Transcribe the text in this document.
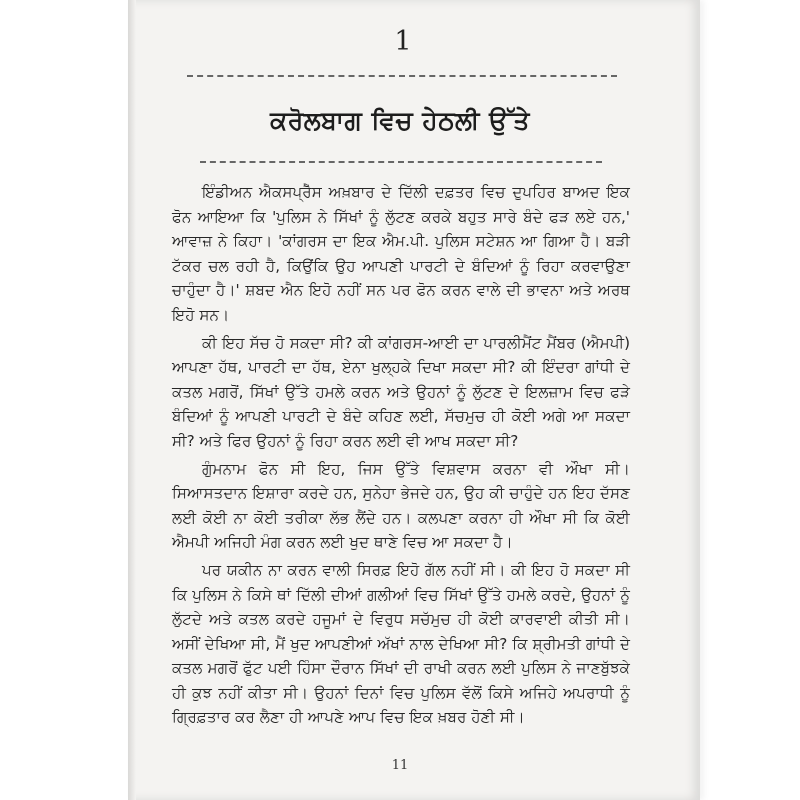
1
ਕਰੋਲਬਾਗ ਵਿਚ ਹੇਠਲੀ ਉੱਤੇ

ਇੰਡੀਅਨ ਐਕਸਪ੍ਰੈੱਸ ਅਖ਼ਬਾਰ ਦੇ ਦਿੱਲੀ ਦਫ਼ਤਰ ਵਿਚ ਦੁਪਹਿਰ ਬਾਅਦ ਇਕ ਫੋਨ ਆਇਆ ਕਿ 'ਪੁਲਿਸ ਨੇ ਸਿੱਖਾਂ ਨੂੰ ਲੁੱਟਣ ਕਰਕੇ ਬਹੁਤ ਸਾਰੇ ਬੰਦੇ ਫੜ ਲਏ ਹਨ,' ਆਵਾਜ਼ ਨੇ ਕਿਹਾ। 'ਕਾਂਗਰਸ ਦਾ ਇਕ ਐਮ.ਪੀ. ਪੁਲਿਸ ਸਟੇਸ਼ਨ ਆ ਗਿਆ ਹੈ। ਬੜੀ ਟੱਕਰ ਚਲ ਰਹੀ ਹੈ, ਕਿਉਂਕਿ ਉਹ ਆਪਣੀ ਪਾਰਟੀ ਦੇ ਬੰਦਿਆਂ ਨੂੰ ਰਿਹਾ ਕਰਵਾਉਣਾ ਚਾਹੁੰਦਾ ਹੈ।' ਸ਼ਬਦ ਐਨ ਇਹੋ ਨਹੀਂ ਸਨ ਪਰ ਫੋਨ ਕਰਨ ਵਾਲੇ ਦੀ ਭਾਵਨਾ ਅਤੇ ਅਰਥ ਇਹੋ ਸਨ।

ਕੀ ਇਹ ਸੱਚ ਹੋ ਸਕਦਾ ਸੀ? ਕੀ ਕਾਂਗਰਸ-ਆਈ ਦਾ ਪਾਰਲੀਮੈਂਟ ਮੈਂਬਰ (ਐਮਪੀ) ਆਪਣਾ ਹੱਥ, ਪਾਰਟੀ ਦਾ ਹੱਥ, ਏਨਾ ਖੁਲ੍ਹਕੇ ਦਿਖਾ ਸਕਦਾ ਸੀ? ਕੀ ਇੰਦਰਾ ਗਾਂਧੀ ਦੇ ਕਤਲ ਮਗਰੋਂ, ਸਿੱਖਾਂ ਉੱਤੇ ਹਮਲੇ ਕਰਨ ਅਤੇ ਉਹਨਾਂ ਨੂੰ ਲੁੱਟਣ ਦੇ ਇਲਜ਼ਾਮ ਵਿਚ ਫੜੇ ਬੰਦਿਆਂ ਨੂੰ ਆਪਣੀ ਪਾਰਟੀ ਦੇ ਬੰਦੇ ਕਹਿਣ ਲਈ, ਸੱਚਮੁਚ ਹੀ ਕੋਈ ਅਗੇ ਆ ਸਕਦਾ ਸੀ? ਅਤੇ ਫਿਰ ਉਹਨਾਂ ਨੂੰ ਰਿਹਾ ਕਰਨ ਲਈ ਵੀ ਆਖ ਸਕਦਾ ਸੀ?

ਗੁੰਮਨਾਮ ਫੋਨ ਸੀ ਇਹ, ਜਿਸ ਉੱਤੇ ਵਿਸ਼ਵਾਸ ਕਰਨਾ ਵੀ ਔਖਾ ਸੀ। ਸਿਆਸਤਦਾਨ ਇਸ਼ਾਰਾ ਕਰਦੇ ਹਨ, ਸੁਨੇਹਾ ਭੇਜਦੇ ਹਨ, ਉਹ ਕੀ ਚਾਹੁੰਦੇ ਹਨ ਇਹ ਦੱਸਣ ਲਈ ਕੋਈ ਨਾ ਕੋਈ ਤਰੀਕਾ ਲੱਭ ਲੈਂਦੇ ਹਨ। ਕਲਪਣਾ ਕਰਨਾ ਹੀ ਔਖਾ ਸੀ ਕਿ ਕੋਈ ਐਮਪੀ ਅਜਿਹੀ ਮੰਗ ਕਰਨ ਲਈ ਖੁਦ ਥਾਣੇ ਵਿਚ ਆ ਸਕਦਾ ਹੈ।

ਪਰ ਯਕੀਨ ਨਾ ਕਰਨ ਵਾਲੀ ਸਿਰਫ਼ ਇਹੋ ਗੱਲ ਨਹੀਂ ਸੀ। ਕੀ ਇਹ ਹੋ ਸਕਦਾ ਸੀ ਕਿ ਪੁਲਿਸ ਨੇ ਕਿਸੇ ਥਾਂ ਦਿੱਲੀ ਦੀਆਂ ਗਲੀਆਂ ਵਿਚ ਸਿੱਖਾਂ ਉੱਤੇ ਹਮਲੇ ਕਰਦੇ, ਉਹਨਾਂ ਨੂੰ ਲੁੱਟਦੇ ਅਤੇ ਕਤਲ ਕਰਦੇ ਹਜੂਮਾਂ ਦੇ ਵਿਰੁਧ ਸਚੱਮੁਚ ਹੀ ਕੋਈ ਕਾਰਵਾਈ ਕੀਤੀ ਸੀ। ਅਸੀਂ ਦੇਖਿਆ ਸੀ, ਮੈਂ ਖੁਦ ਆਪਣੀਆਂ ਅੱਖਾਂ ਨਾਲ ਦੇਖਿਆ ਸੀ? ਕਿ ਸ਼੍ਰੀਮਤੀ ਗਾਂਧੀ ਦੇ ਕਤਲ ਮਗਰੋਂ ਫੁੱਟ ਪਈ ਹਿੰਸਾ ਦੌਰਾਨ ਸਿੱਖਾਂ ਦੀ ਰਾਖੀ ਕਰਨ ਲਈ ਪੁਲਿਸ ਨੇ ਜਾਣਬੁੱਝਕੇ ਹੀ ਕੁਝ ਨਹੀਂ ਕੀਤਾ ਸੀ। ਉਹਨਾਂ ਦਿਨਾਂ ਵਿਚ ਪੁਲਿਸ ਵੱਲੋਂ ਕਿਸੇ ਅਜਿਹੇ ਅਪਰਾਧੀ ਨੂੰ ਗ੍ਰਿਫ਼ਤਾਰ ਕਰ ਲੈਣਾ ਹੀ ਆਪਣੇ ਆਪ ਵਿਚ ਇਕ ਖ਼ਬਰ ਹੋਣੀ ਸੀ।

11
